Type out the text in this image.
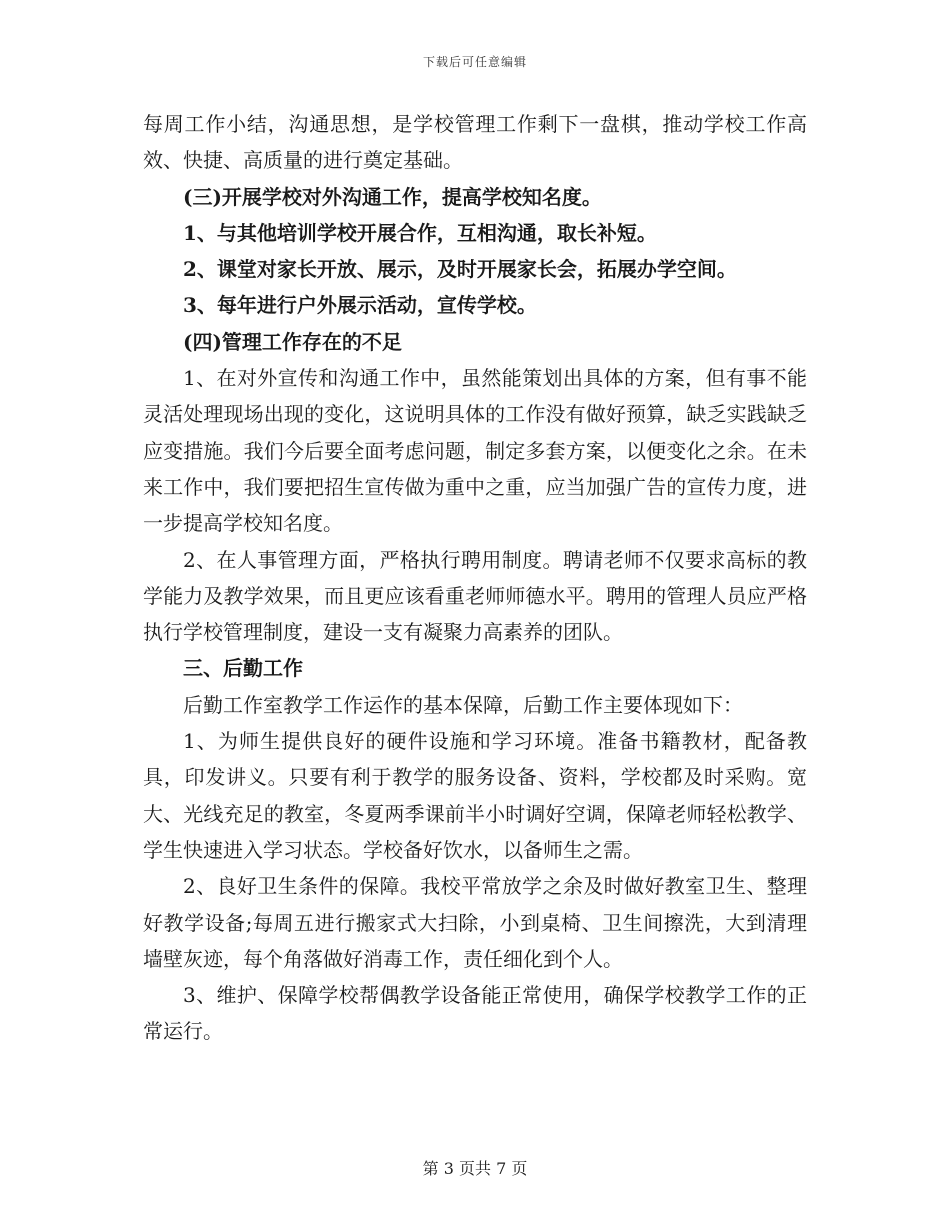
下载后可任意编辑

每周工作小结，沟通思想，是学校管理工作剩下一盘棋，推动学校工作高效、快捷、高质量的进行奠定基础。

(三)开展学校对外沟通工作，提高学校知名度。

1、与其他培训学校开展合作，互相沟通，取长补短。

2、课堂对家长开放、展示，及时开展家长会，拓展办学空间。

3、每年进行户外展示活动，宣传学校。

(四)管理工作存在的不足

1、在对外宣传和沟通工作中，虽然能策划出具体的方案，但有事不能灵活处理现场出现的变化，这说明具体的工作没有做好预算，缺乏实践缺乏应变措施。我们今后要全面考虑问题，制定多套方案，以便变化之余。在未来工作中，我们要把招生宣传做为重中之重，应当加强广告的宣传力度，进一步提高学校知名度。

2、在人事管理方面，严格执行聘用制度。聘请老师不仅要求高标的教学能力及教学效果，而且更应该看重老师师德水平。聘用的管理人员应严格执行学校管理制度，建设一支有凝聚力高素养的团队。

三、后勤工作

后勤工作室教学工作运作的基本保障，后勤工作主要体现如下：

1、为师生提供良好的硬件设施和学习环境。准备书籍教材，配备教具，印发讲义。只要有利于教学的服务设备、资料，学校都及时采购。宽大、光线充足的教室，冬夏两季课前半小时调好空调，保障老师轻松教学、学生快速进入学习状态。学校备好饮水，以备师生之需。

2、良好卫生条件的保障。我校平常放学之余及时做好教室卫生、整理好教学设备;每周五进行搬家式大扫除，小到桌椅、卫生间擦洗，大到清理墙壁灰迹，每个角落做好消毒工作，责任细化到个人。

3、维护、保障学校帮偶教学设备能正常使用，确保学校教学工作的正常运行。

第 3 页共 7 页
